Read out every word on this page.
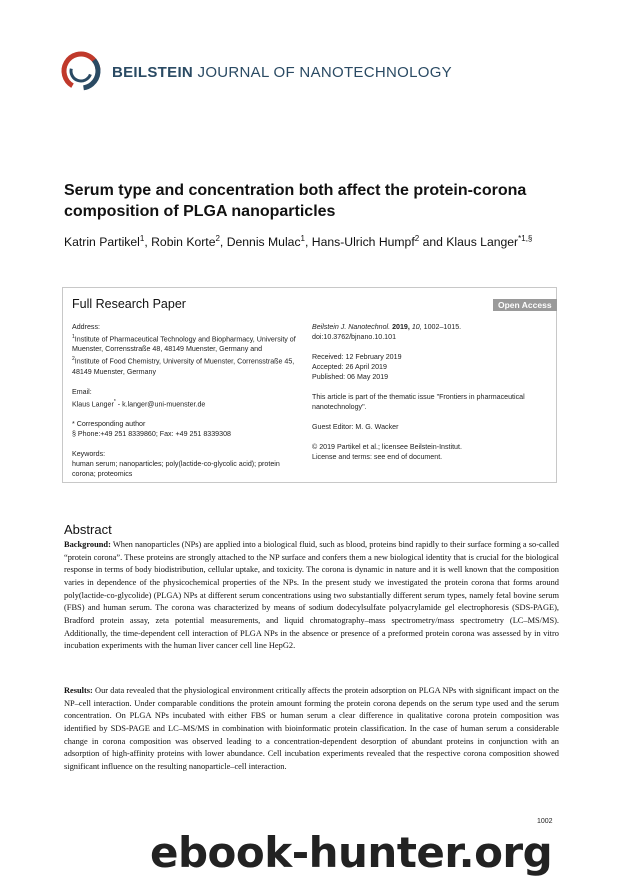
BEILSTEIN JOURNAL OF NANOTECHNOLOGY
Serum type and concentration both affect the protein-corona composition of PLGA nanoparticles
Katrin Partikel$^1$, Robin Korte$^2$, Dennis Mulac$^1$, Hans-Ulrich Humpf$^2$ and Klaus Langer$^{*1,\S}$
Full Research Paper	Open Access
Address:
$^1$Institute of Pharmaceutical Technology and Biopharmacy, University of Muenster, Corrensstraße 48, 48149 Muenster, Germany and
$^2$Institute of Food Chemistry, University of Muenster, Corrensstraße 45, 48149 Muenster, Germany
Email:
Klaus Langer* - k.langer@uni-muenster.de
* Corresponding author
§ Phone:+49 251 8339860; Fax: +49 251 8339308
Keywords:
human serum; nanoparticles; poly(lactide-co-glycolic acid); protein corona; proteomics
Beilstein J. Nanotechnol. 2019, 10, 1002–1015.
doi:10.3762/bjnano.10.101
Received: 12 February 2019
Accepted: 26 April 2019
Published: 06 May 2019
This article is part of the thematic issue "Frontiers in pharmaceutical nanotechnology".
Guest Editor: M. G. Wacker
© 2019 Partikel et al.; licensee Beilstein-Institut.
License and terms: see end of document.
Abstract
Background: When nanoparticles (NPs) are applied into a biological fluid, such as blood, proteins bind rapidly to their surface forming a so-called “protein corona”. These proteins are strongly attached to the NP surface and confers them a new biological identity that is crucial for the biological response in terms of body biodistribution, cellular uptake, and toxicity. The corona is dynamic in nature and it is well known that the composition varies in dependence of the physicochemical properties of the NPs. In the present study we investigated the protein corona that forms around poly(lactide-co-glycolide) (PLGA) NPs at different serum concentrations using two substantially different serum types, namely fetal bovine serum (FBS) and human serum. The corona was characterized by means of sodium dodecylsulfate polyacrylamide gel electrophoresis (SDS-PAGE), Bradford protein assay, zeta potential measurements, and liquid chromatography–mass spectrometry/mass spectrometry (LC–MS/MS). Additionally, the time-dependent cell interaction of PLGA NPs in the absence or presence of a preformed protein corona was assessed by in vitro incubation experiments with the human liver cancer cell line HepG2.
Results: Our data revealed that the physiological environment critically affects the protein adsorption on PLGA NPs with significant impact on the NP–cell interaction. Under comparable conditions the protein amount forming the protein corona depends on the serum type used and the serum concentration. On PLGA NPs incubated with either FBS or human serum a clear difference in qualitative corona protein composition was identified by SDS-PAGE and LC–MS/MS in combination with bioinformatic protein classification. In the case of human serum a considerable change in corona composition was observed leading to a concentration-dependent desorption of abundant proteins in conjunction with an adsorption of high-affinity proteins with lower abundance. Cell incubation experiments revealed that the respective corona composition showed significant influence on the resulting nanoparticle–cell interaction.
1002
ebook-hunter.org
